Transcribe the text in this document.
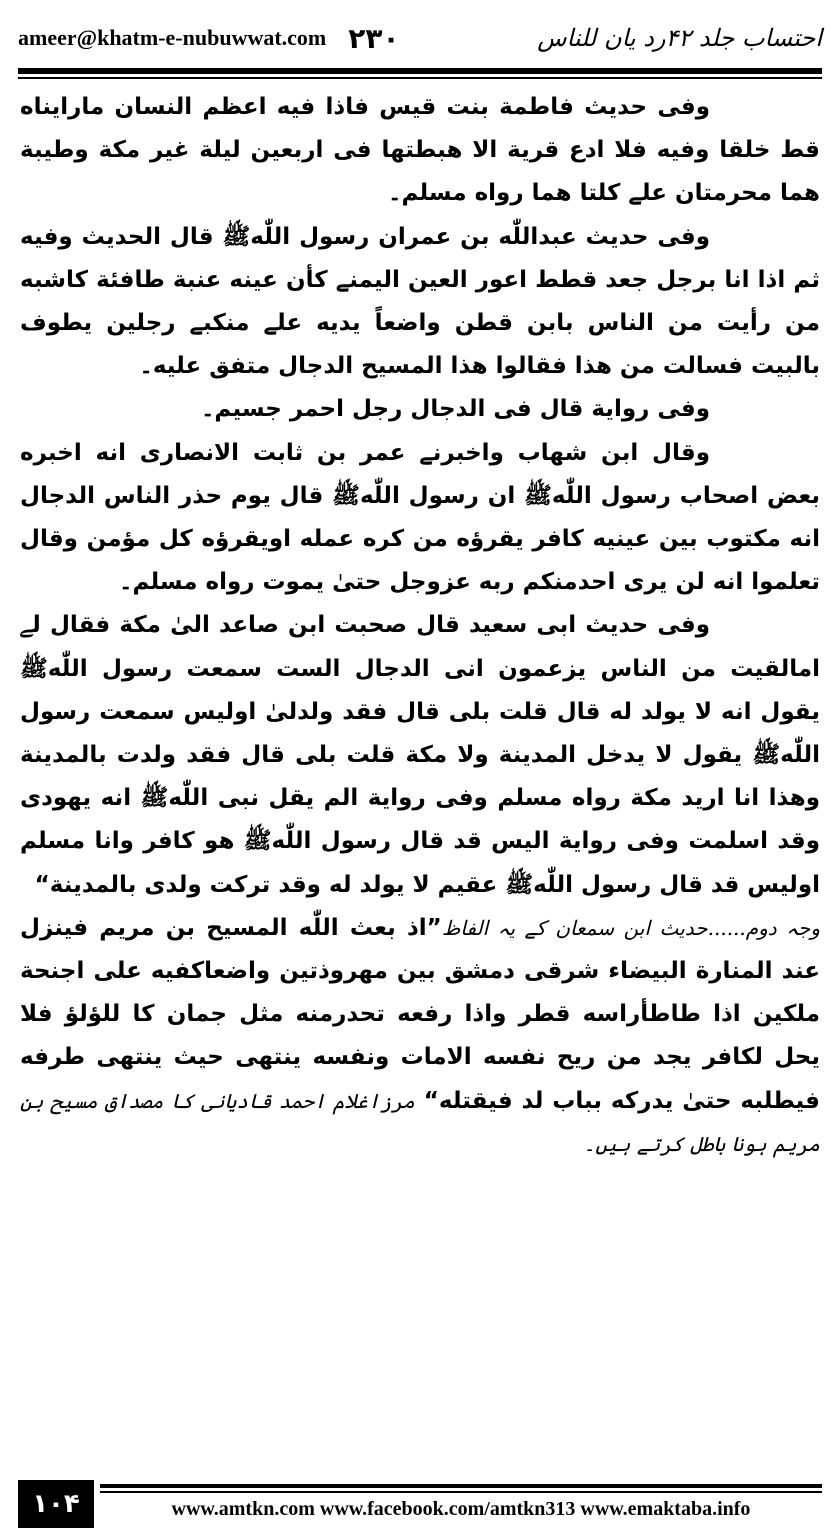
ameer@khatm-e-nubuwwat.com ۲۳۰	احتساب جلد ۴۲رد یان للناس

وفی حدیث فاطمة بنت قیس فاذا فیه اعظم النسان مارایناه قط خلقا وفیه فلا ادع قریة الا هبطتها فی اربعین لیلة غیر مكة وطیبة هما محرمتان علے كلتا هما رواه مسلم۔

وفی حدیث عبداللّٰه بن عمران رسول اللّٰهﷺ قال الحدیث وفیه ثم اذا انا برجل جعد قطط اعور العین الیمنے كأن عینه عنبة طافئة كاشبه من رأیت من الناس بابن قطن واضعاً یدیه علے منكبے رجلین یطوف بالبیت فسالت من هذا فقالوا هذا المسیح الدجال متفق علیه۔

وفی روایة قال فی الدجال رجل احمر جسیم۔

وقال ابن شهاب واخبرنے عمر بن ثابت الانصاری انه اخبره بعض اصحاب رسول اللّٰهﷺ ان رسول اللّٰهﷺ قال یوم حذر الناس الدجال انه مكتوب بین عینیه كافر یقرؤه من كره عمله اویقرؤه كل مؤمن وقال تعلموا انه لن یری احدمنكم ربه عزوجل حتیٰ یموت رواه مسلم۔

وفی حدیث ابی سعید قال صحبت ابن صاعد الیٰ مكة فقال لے امالقیت من الناس یزعمون انی الدجال الست سمعت رسول اللّٰهﷺ یقول انه لا یولد له قال قلت بلی قال فقد ولدلیٰ اولیس سمعت رسول اللّٰهﷺ یقول لا یدخل المدینة ولا مكة قلت بلی قال فقد ولدت بالمدینة وهذا انا ارید مكة رواه مسلم وفی روایة الم یقل نبی اللّٰهﷺ انه یهودی وقد اسلمت وفی روایة الیس قد قال رسول اللّٰهﷺ هو كافر وانا مسلم اولیس قد قال رسول اللّٰهﷺ عقیم لا یولد له وقد تركت ولدی بالمدینة“

وجہ دوم......حدیث ابن سمعان کے یہ الفاظ”اذ بعث اللّٰه المسیح بن مریم فینزل عند المنارة البیضاء شرقی دمشق بین مهروذتین واضعاكفیه علی اجنحة ملكین اذا طاطأراسه قطر واذا رفعه تحدرمنه مثل جمان كا للؤلؤ فلا یحل لكافر یجد من ریح نفسه الامات ونفسه ینتهی حیث ینتهی طرفه فیطلبه حتیٰ یدركه بباب لد فیقتله“ مرزاغلام احمد قادیانی کا مصداق مسیح بن مریم ہونا باطل کرتے ہیں۔

۱۰۴	www.amtkn.com www.facebook.com/amtkn313 www.emaktaba.info
